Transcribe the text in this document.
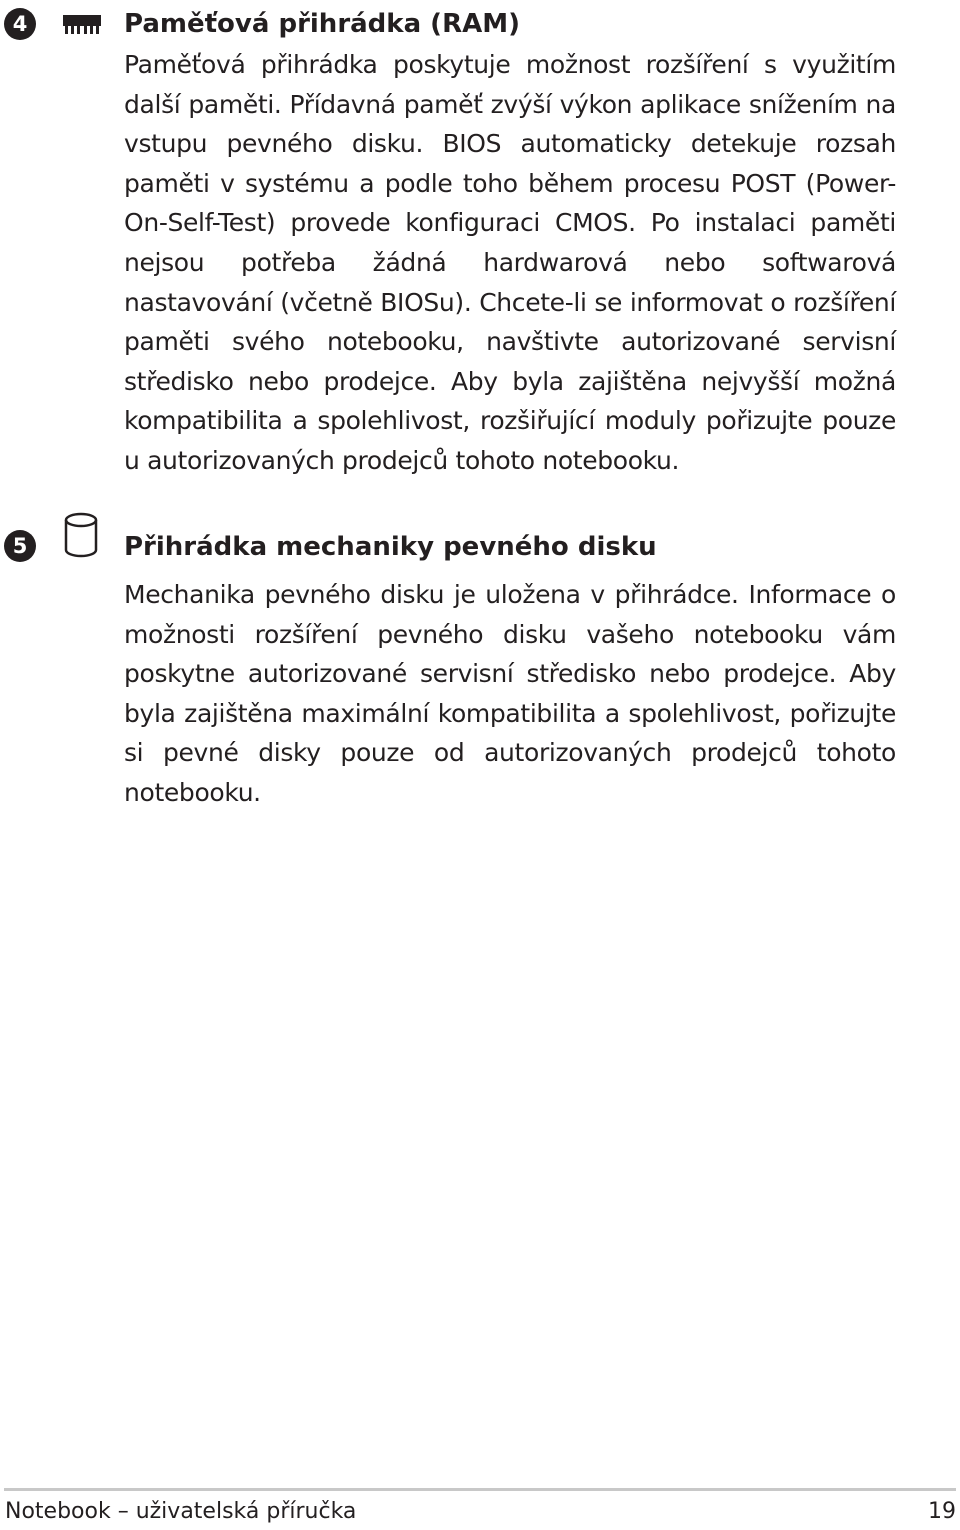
4	Paměťová přihrádka (RAM)

Paměťová přihrádka poskytuje možnost rozšíření s využitím další paměti. Přídavná paměť zvýší výkon aplikace snížením na vstupu pevného disku. BIOS automaticky detekuje rozsah paměti v systému a podle toho během procesu POST (Power-On-Self-Test) provede konfiguraci CMOS. Po instalaci paměti nejsou potřeba žádná hardwarová nebo softwarová nastavování (včetně BIOSu). Chcete-li se informovat o rozšíření paměti svého notebooku, navštivte autorizované servisní středisko nebo prodejce. Aby byla zajištěna nejvyšší možná kompatibilita a spolehlivost, rozšiřující moduly pořizujte pouze u autorizovaných prodejců tohoto notebooku.

5	Přihrádka mechaniky pevného disku

Mechanika pevného disku je uložena v přihrádce. Informace o možnosti rozšíření pevného disku vašeho notebooku vám poskytne autorizované servisní středisko nebo prodejce. Aby byla zajištěna maximální kompatibilita a spolehlivost, pořizujte si pevné disky pouze od autorizovaných prodejců tohoto notebooku.

Notebook – uživatelská příručka	19
